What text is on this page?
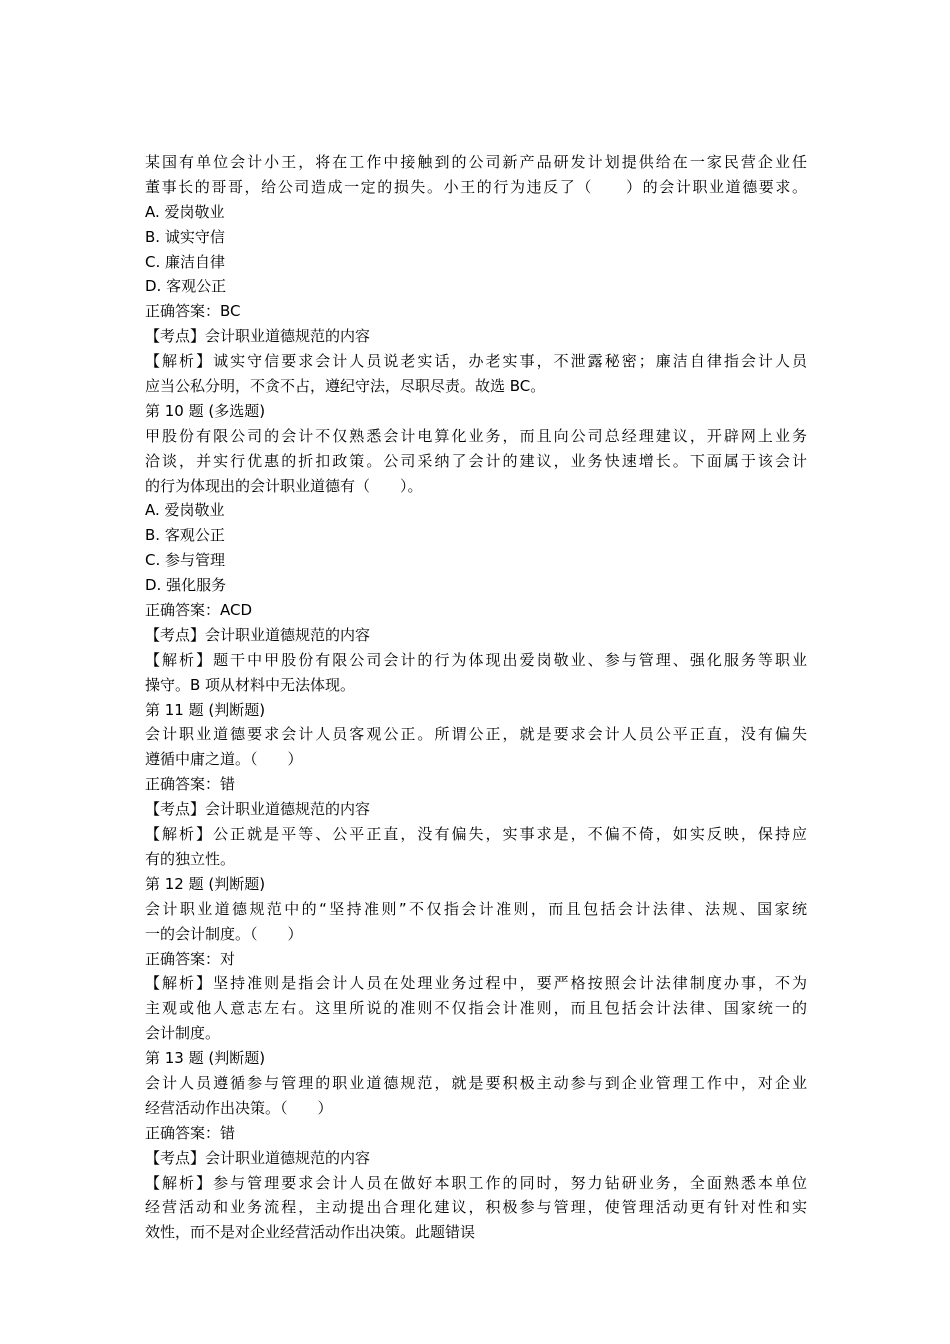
某国有单位会计小王，将在工作中接触到的公司新产品研发计划提供给在一家民营企业任
董事长的哥哥，给公司造成一定的损失。小王的行为违反了（　　）的会计职业道德要求。
A. 爱岗敬业
B. 诚实守信
C. 廉洁自律
D. 客观公正
正确答案：BC
【考点】会计职业道德规范的内容
【解析】诚实守信要求会计人员说老实话，办老实事，不泄露秘密；廉洁自律指会计人员
应当公私分明，不贪不占，遵纪守法，尽职尽责。故选 BC。
第 10 题 (多选题)
甲股份有限公司的会计不仅熟悉会计电算化业务，而且向公司总经理建议，开辟网上业务
洽谈，并实行优惠的折扣政策。公司采纳了会计的建议，业务快速增长。下面属于该会计
的行为体现出的会计职业道德有（　　）。
A. 爱岗敬业
B. 客观公正
C. 参与管理
D. 强化服务
正确答案：ACD
【考点】会计职业道德规范的内容
【解析】题干中甲股份有限公司会计的行为体现出爱岗敬业、参与管理、强化服务等职业
操守。B 项从材料中无法体现。
第 11 题 (判断题)
会计职业道德要求会计人员客观公正。所谓公正，就是要求会计人员公平正直，没有偏失
遵循中庸之道。（　　）
正确答案：错
【考点】会计职业道德规范的内容
【解析】公正就是平等、公平正直，没有偏失，实事求是，不偏不倚，如实反映，保持应
有的独立性。
第 12 题 (判断题)
会计职业道德规范中的“坚持准则”不仅指会计准则，而且包括会计法律、法规、国家统
一的会计制度。（　　）
正确答案：对
【解析】坚持准则是指会计人员在处理业务过程中，要严格按照会计法律制度办事，不为
主观或他人意志左右。这里所说的准则不仅指会计准则，而且包括会计法律、国家统一的
会计制度。
第 13 题 (判断题)
会计人员遵循参与管理的职业道德规范，就是要积极主动参与到企业管理工作中，对企业
经营活动作出决策。（　　）
正确答案：错
【考点】会计职业道德规范的内容
【解析】参与管理要求会计人员在做好本职工作的同时，努力钻研业务，全面熟悉本单位
经营活动和业务流程，主动提出合理化建议，积极参与管理，使管理活动更有针对性和实
效性，而不是对企业经营活动作出决策。此题错误
